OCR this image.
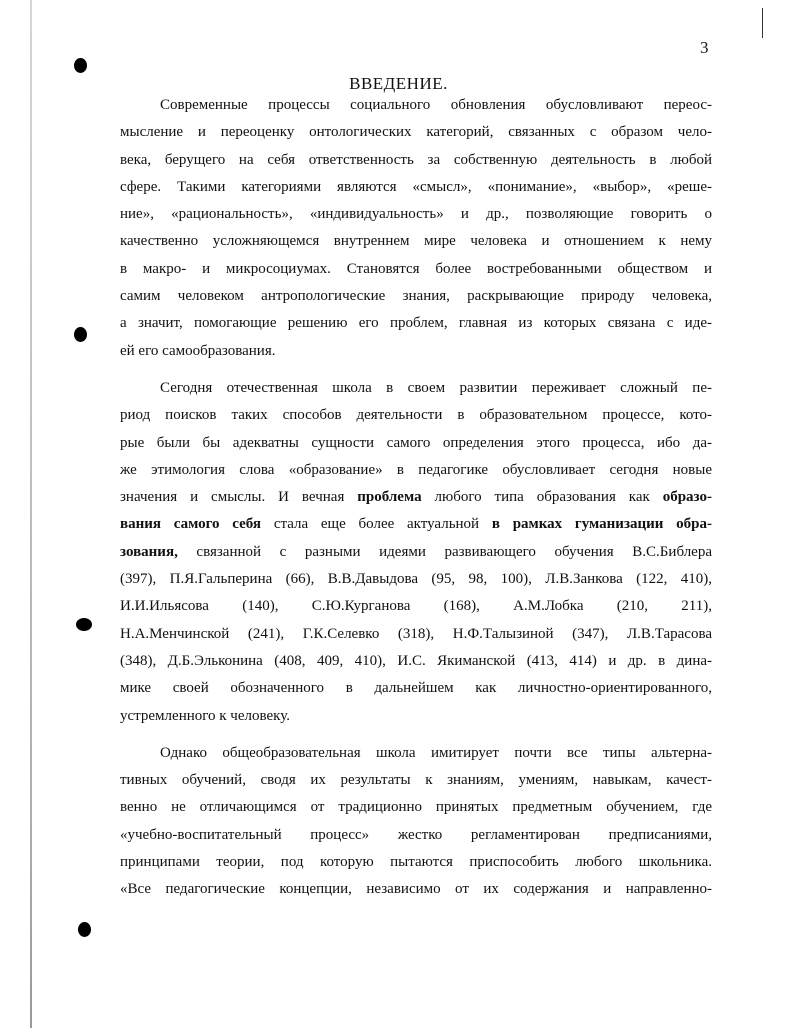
3
ВВЕДЕНИЕ.

Современные процессы социального обновления обусловливают переос-
мысление и переоценку онтологических категорий, связанных с образом чело-
века, берущего на себя ответственность за собственную деятельность в любой
сфере. Такими категориями являются «смысл», «понимание», «выбор», «реше-
ние», «рациональность», «индивидуальность» и др., позволяющие говорить о
качественно усложняющемся внутреннем мире человека и отношением к нему
в макро- и микросоциумах. Становятся более востребованными обществом и
самим человеком антропологические знания, раскрывающие природу человека,
а значит, помогающие решению его проблем, главная из которых связана с иде-
ей его самообразования.

Сегодня отечественная школа в своем развитии переживает сложный пе-
риод поисков таких способов деятельности в образовательном процессе, кото-
рые были бы адекватны сущности самого определения этого процесса, ибо да-
же этимология слова «образование» в педагогике обусловливает сегодня новые
значения и смыслы. И вечная проблема любого типа образования как образо-
вания самого себя стала еще более актуальной в рамках гуманизации обра-
зования, связанной с разными идеями развивающего обучения В.С.Библера
(397), П.Я.Гальперина (66), В.В.Давыдова (95, 98, 100), Л.В.Занкова (122, 410),
И.И.Ильясова (140), С.Ю.Курганова (168), А.М.Лобка (210, 211),
Н.А.Менчинской (241), Г.К.Селевко (318), Н.Ф.Талызиной (347), Л.В.Тарасова
(348), Д.Б.Эльконина (408, 409, 410), И.С. Якиманской (413, 414) и др. в дина-
мике своей обозначенного в дальнейшем как личностно-ориентированного,
устремленного к человеку.

Однако общеобразовательная школа имитирует почти все типы альтерна-
тивных обучений, сводя их результаты к знаниям, умениям, навыкам, качест-
венно не отличающимся от традиционно принятых предметным обучением, где
«учебно-воспитательный процесс» жестко регламентирован предписаниями,
принципами теории, под которую пытаются приспособить любого школьника.
«Все педагогические концепции, независимо от их содержания и направленно-
